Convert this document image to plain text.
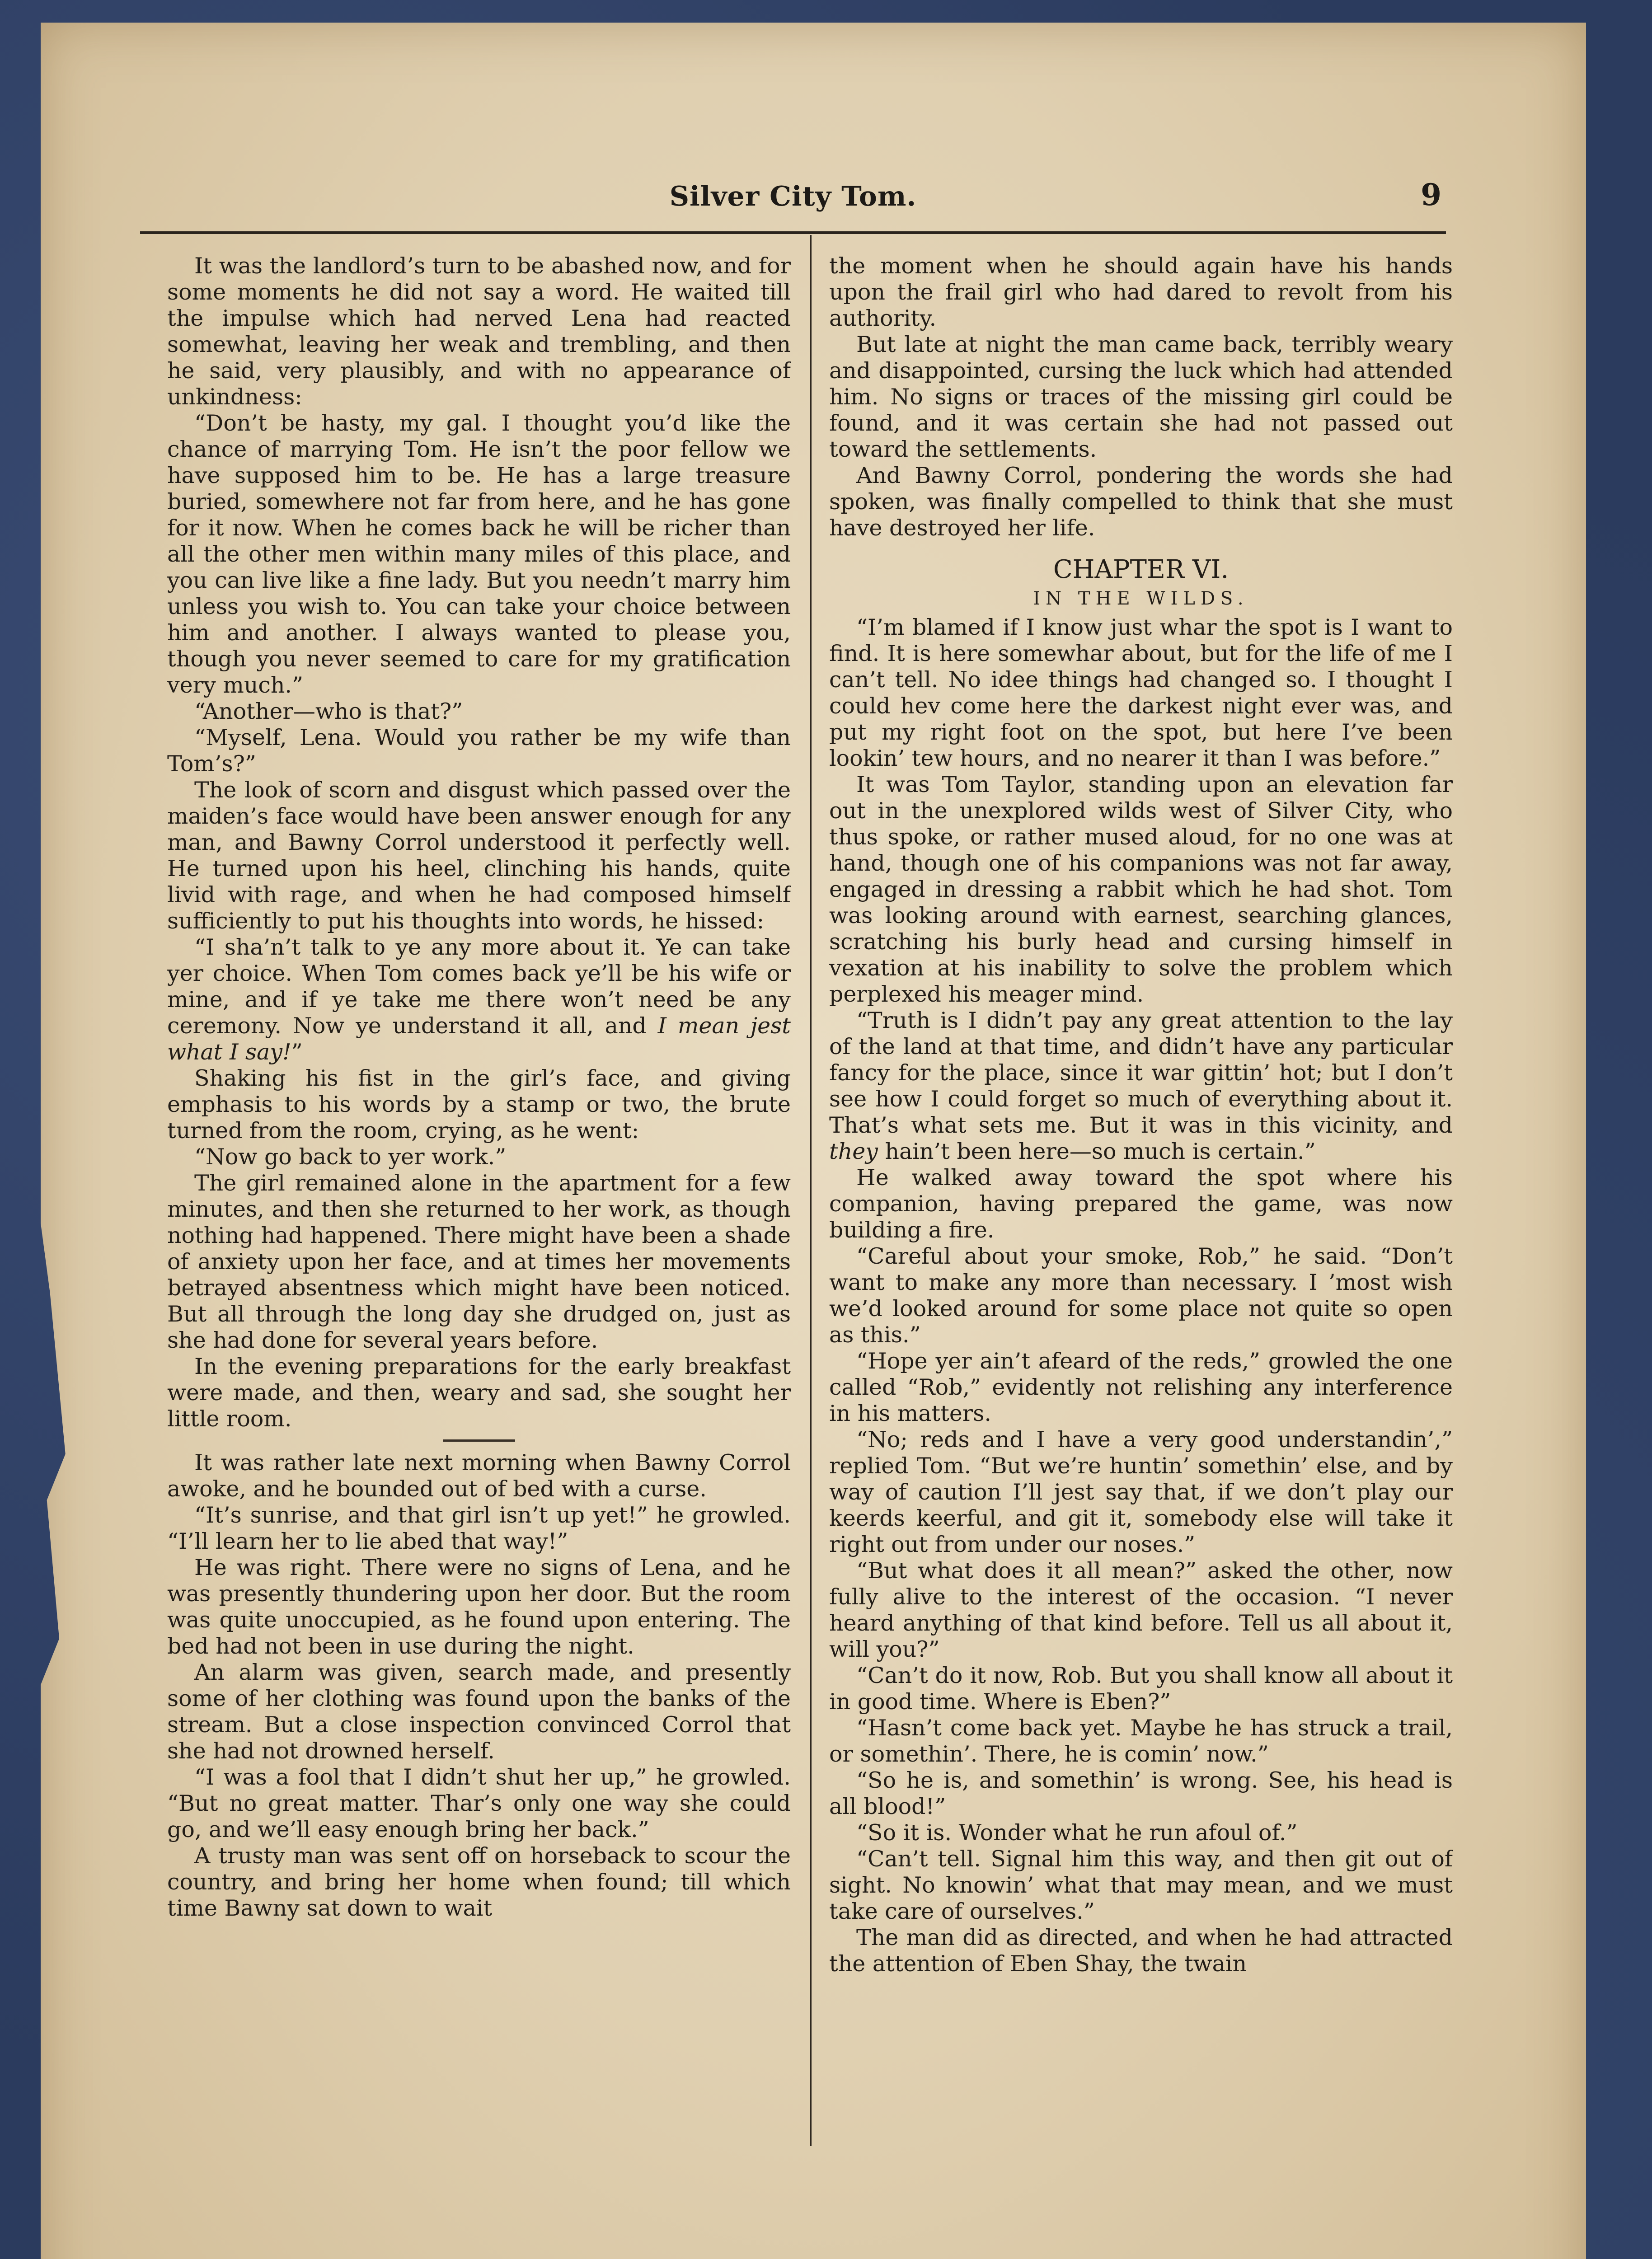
Silver City Tom.	9

It was the landlord’s turn to be abashed now, and for some moments he did not say a word. He waited till the impulse which had nerved Lena had reacted somewhat, leaving her weak and trembling, and then he said, very plausibly, and with no appearance of unkindness:

“Don’t be hasty, my gal. I thought you’d like the chance of marrying Tom. He isn’t the poor fellow we have supposed him to be. He has a large treasure buried, somewhere not far from here, and he has gone for it now. When he comes back he will be richer than all the other men within many miles of this place, and you can live like a fine lady. But you needn’t marry him unless you wish to. You can take your choice between him and another. I always wanted to please you, though you never seemed to care for my gratification very much.”

“Another—who is that?”

“Myself, Lena. Would you rather be my wife than Tom’s?”

The look of scorn and disgust which passed over the maiden’s face would have been answer enough for any man, and Bawny Corrol understood it perfectly well. He turned upon his heel, clinching his hands, quite livid with rage, and when he had composed himself sufficiently to put his thoughts into words, he hissed:

“I sha’n’t talk to ye any more about it. Ye can take yer choice. When Tom comes back ye’ll be his wife or mine, and if ye take me there won’t need be any ceremony. Now ye understand it all, and I mean jest what I say!”

Shaking his fist in the girl’s face, and giving emphasis to his words by a stamp or two, the brute turned from the room, crying, as he went:

“Now go back to yer work.”

The girl remained alone in the apartment for a few minutes, and then she returned to her work, as though nothing had happened. There might have been a shade of anxiety upon her face, and at times her movements betrayed absentness which might have been noticed. But all through the long day she drudged on, just as she had done for several years before.

In the evening preparations for the early breakfast were made, and then, weary and sad, she sought her little room.

It was rather late next morning when Bawny Corrol awoke, and he bounded out of bed with a curse.

“It’s sunrise, and that girl isn’t up yet!” he growled. “I’ll learn her to lie abed that way!”

He was right. There were no signs of Lena, and he was presently thundering upon her door. But the room was quite unoccupied, as he found upon entering. The bed had not been in use during the night.

An alarm was given, search made, and presently some of her clothing was found upon the banks of the stream. But a close inspection convinced Corrol that she had not drowned herself.

“I was a fool that I didn’t shut her up,” he growled. “But no great matter. Thar’s only one way she could go, and we’ll easy enough bring her back.”

A trusty man was sent off on horseback to scour the country, and bring her home when found; till which time Bawny sat down to wait

the moment when he should again have his hands upon the frail girl who had dared to revolt from his authority.

But late at night the man came back, terribly weary and disappointed, cursing the luck which had attended him. No signs or traces of the missing girl could be found, and it was certain she had not passed out toward the settlements.

And Bawny Corrol, pondering the words she had spoken, was finally compelled to think that she must have destroyed her life.

CHAPTER VI.
IN THE WILDS.

“I’m blamed if I know just whar the spot is I want to find. It is here somewhar about, but for the life of me I can’t tell. No idee things had changed so. I thought I could hev come here the darkest night ever was, and put my right foot on the spot, but here I’ve been lookin’ tew hours, and no nearer it than I was before.”

It was Tom Taylor, standing upon an elevation far out in the unexplored wilds west of Silver City, who thus spoke, or rather mused aloud, for no one was at hand, though one of his companions was not far away, engaged in dressing a rabbit which he had shot. Tom was looking around with earnest, searching glances, scratching his burly head and cursing himself in vexation at his inability to solve the problem which perplexed his meager mind.

“Truth is I didn’t pay any great attention to the lay of the land at that time, and didn’t have any particular fancy for the place, since it war gittin’ hot; but I don’t see how I could forget so much of everything about it. That’s what sets me. But it was in this vicinity, and they hain’t been here—so much is certain.”

He walked away toward the spot where his companion, having prepared the game, was now building a fire.

“Careful about your smoke, Rob,” he said. “Don’t want to make any more than necessary. I ’most wish we’d looked around for some place not quite so open as this.”

“Hope yer ain’t afeard of the reds,” growled the one called “Rob,” evidently not relishing any interference in his matters.

“No; reds and I have a very good understandin’,” replied Tom. “But we’re huntin’ somethin’ else, and by way of caution I’ll jest say that, if we don’t play our keerds keerful, and git it, somebody else will take it right out from under our noses.”

“But what does it all mean?” asked the other, now fully alive to the interest of the occasion. “I never heard anything of that kind before. Tell us all about it, will you?”

“Can’t do it now, Rob. But you shall know all about it in good time. Where is Eben?”

“Hasn’t come back yet. Maybe he has struck a trail, or somethin’. There, he is comin’ now.”

“So he is, and somethin’ is wrong. See, his head is all blood!”

“So it is. Wonder what he run afoul of.”

“Can’t tell. Signal him this way, and then git out of sight. No knowin’ what that may mean, and we must take care of ourselves.”

The man did as directed, and when he had attracted the attention of Eben Shay, the twain
